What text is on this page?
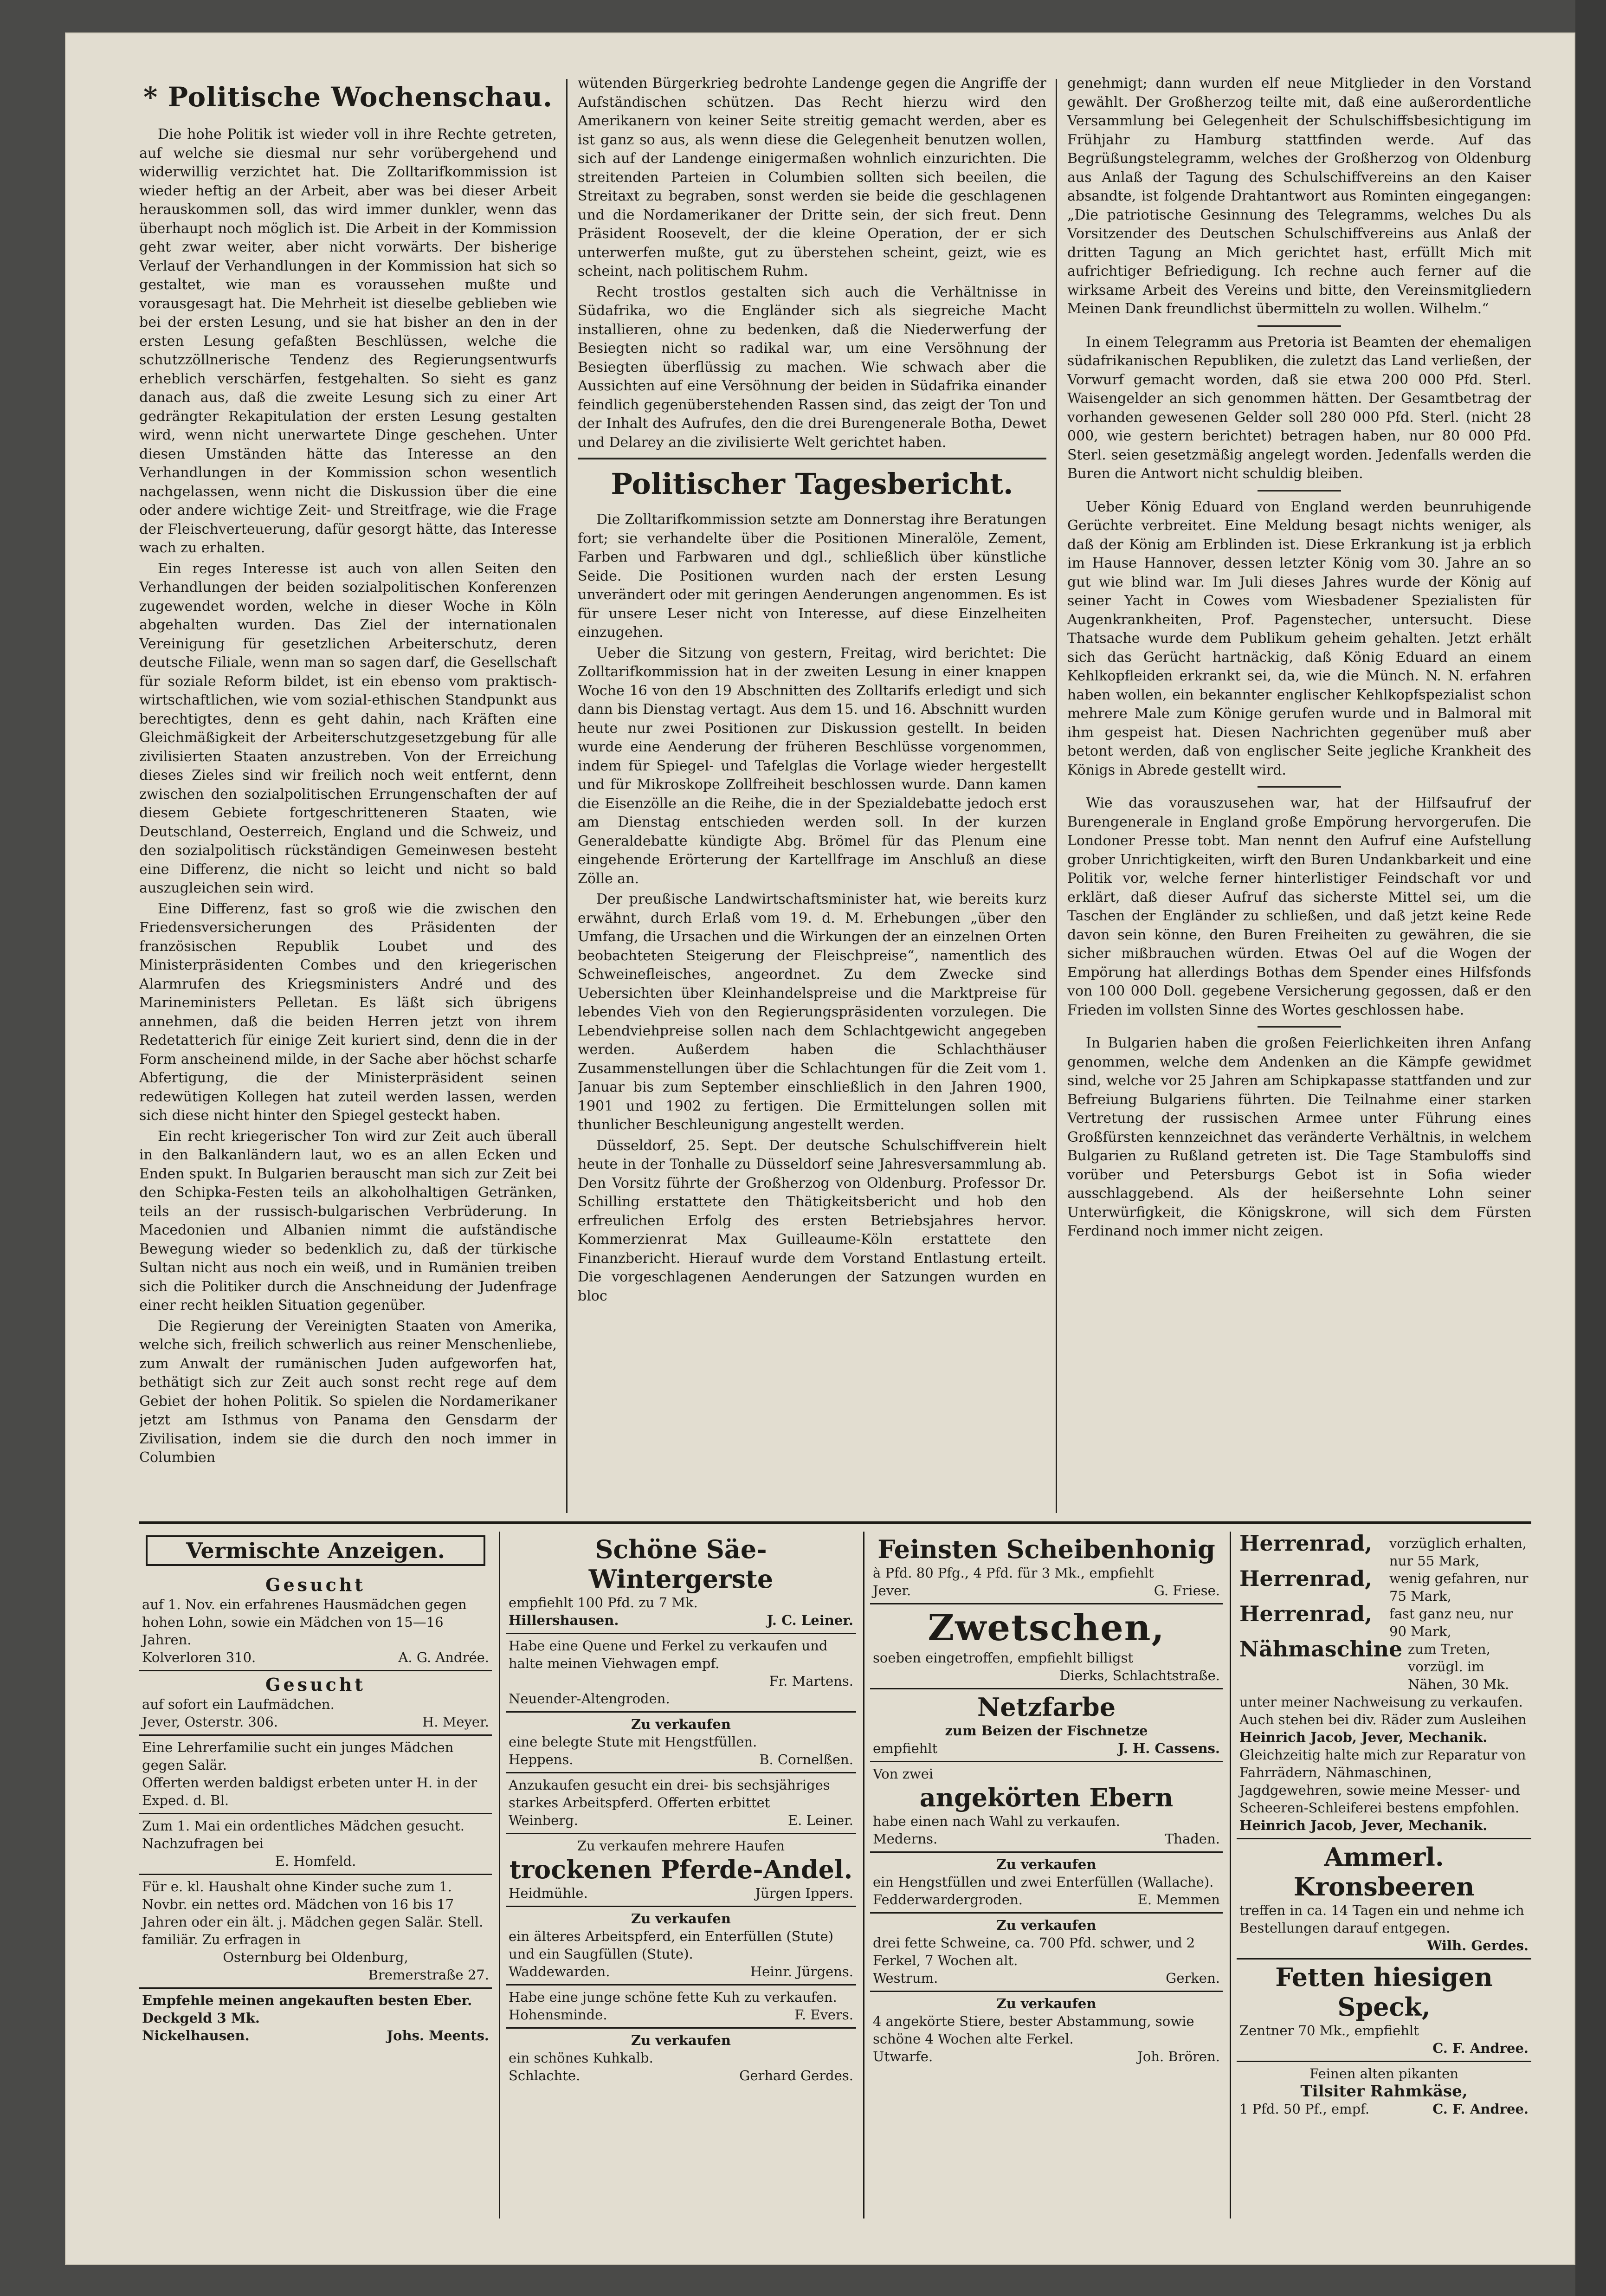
* Politische Wochenschau.

Die hohe Politik ist wieder voll in ihre Rechte getreten, auf welche sie diesmal nur sehr vorübergehend und widerwillig verzichtet hat. Die Zolltarifkommission ist wieder heftig an der Arbeit, aber was bei dieser Arbeit herauskommen soll, das wird immer dunkler, wenn das überhaupt noch möglich ist. Die Arbeit in der Kommission geht zwar weiter, aber nicht vorwärts. Der bisherige Verlauf der Verhandlungen in der Kommission hat sich so gestaltet, wie man es voraussehen mußte und vorausgesagt hat. Die Mehrheit ist dieselbe geblieben wie bei der ersten Lesung, und sie hat bisher an den in der ersten Lesung gefaßten Beschlüssen, welche die schutzzöllnerische Tendenz des Regierungsentwurfs erheblich verschärfen, festgehalten. So sieht es ganz danach aus, daß die zweite Lesung sich zu einer Art gedrängter Rekapitulation der ersten Lesung gestalten wird, wenn nicht unerwartete Dinge geschehen. Unter diesen Umständen hätte das Interesse an den Verhandlungen in der Kommission schon wesentlich nachgelassen, wenn nicht die Diskussion über die eine oder andere wichtige Zeit- und Streitfrage, wie die Frage der Fleischverteuerung, dafür gesorgt hätte, das Interesse wach zu erhalten.

Ein reges Interesse ist auch von allen Seiten den Verhandlungen der beiden sozialpolitischen Konferenzen zugewendet worden, welche in dieser Woche in Köln abgehalten wurden. Das Ziel der internationalen Vereinigung für gesetzlichen Arbeiterschutz, deren deutsche Filiale, wenn man so sagen darf, die Gesellschaft für soziale Reform bildet, ist ein ebenso vom praktisch-wirtschaftlichen, wie vom sozial-ethischen Standpunkt aus berechtigtes, denn es geht dahin, nach Kräften eine Gleichmäßigkeit der Arbeiterschutzgesetzgebung für alle zivilisierten Staaten anzustreben. Von der Erreichung dieses Zieles sind wir freilich noch weit entfernt, denn zwischen den sozialpolitischen Errungenschaften der auf diesem Gebiete fortgeschritteneren Staaten, wie Deutschland, Oesterreich, England und die Schweiz, und den sozialpolitisch rückständigen Gemeinwesen besteht eine Differenz, die nicht so leicht und nicht so bald auszugleichen sein wird.

Eine Differenz, fast so groß wie die zwischen den Friedensversicherungen des Präsidenten der französischen Republik Loubet und des Ministerpräsidenten Combes und den kriegerischen Alarmrufen des Kriegsministers André und des Marineministers Pelletan. Es läßt sich übrigens annehmen, daß die beiden Herren jetzt von ihrem Redetatterich für einige Zeit kuriert sind, denn die in der Form anscheinend milde, in der Sache aber höchst scharfe Abfertigung, die der Ministerpräsident seinen redewütigen Kollegen hat zuteil werden lassen, werden sich diese nicht hinter den Spiegel gesteckt haben.

Ein recht kriegerischer Ton wird zur Zeit auch überall in den Balkanländern laut, wo es an allen Ecken und Enden spukt. In Bulgarien berauscht man sich zur Zeit bei den Schipka-Festen teils an alkoholhaltigen Getränken, teils an der russisch-bulgarischen Verbrüderung. In Macedonien und Albanien nimmt die aufständische Bewegung wieder so bedenklich zu, daß der türkische Sultan nicht aus noch ein weiß, und in Rumänien treiben sich die Politiker durch die Anschneidung der Judenfrage einer recht heiklen Situation gegenüber.

Die Regierung der Vereinigten Staaten von Amerika, welche sich, freilich schwerlich aus reiner Menschenliebe, zum Anwalt der rumänischen Juden aufgeworfen hat, bethätigt sich zur Zeit auch sonst recht rege auf dem Gebiet der hohen Politik. So spielen die Nordamerikaner jetzt am Isthmus von Panama den Gensdarm der Zivilisation, indem sie die durch den noch immer in Columbien

wütenden Bürgerkrieg bedrohte Landenge gegen die Angriffe der Aufständischen schützen. Das Recht hierzu wird den Amerikanern von keiner Seite streitig gemacht werden, aber es ist ganz so aus, als wenn diese die Gelegenheit benutzen wollen, sich auf der Landenge einigermaßen wohnlich einzurichten. Die streitenden Parteien in Columbien sollten sich beeilen, die Streitaxt zu begraben, sonst werden sie beide die geschlagenen und die Nordamerikaner der Dritte sein, der sich freut. Denn Präsident Roosevelt, der die kleine Operation, der er sich unterwerfen mußte, gut zu überstehen scheint, geizt, wie es scheint, nach politischem Ruhm.

Recht trostlos gestalten sich auch die Verhältnisse in Südafrika, wo die Engländer sich als siegreiche Macht installieren, ohne zu bedenken, daß die Niederwerfung der Besiegten nicht so radikal war, um eine Versöhnung der Besiegten überflüssig zu machen. Wie schwach aber die Aussichten auf eine Versöhnung der beiden in Südafrika einander feindlich gegenüberstehenden Rassen sind, das zeigt der Ton und der Inhalt des Aufrufes, den die drei Burengenerale Botha, Dewet und Delarey an die zivilisierte Welt gerichtet haben.

Politischer Tagesbericht.

Die Zolltarifkommission setzte am Donnerstag ihre Beratungen fort; sie verhandelte über die Positionen Mineralöle, Zement, Farben und Farbwaren und dgl., schließlich über künstliche Seide. Die Positionen wurden nach der ersten Lesung unverändert oder mit geringen Aenderungen angenommen. Es ist für unsere Leser nicht von Interesse, auf diese Einzelheiten einzugehen.

Ueber die Sitzung von gestern, Freitag, wird berichtet: Die Zolltarifkommission hat in der zweiten Lesung in einer knappen Woche 16 von den 19 Abschnitten des Zolltarifs erledigt und sich dann bis Dienstag vertagt. Aus dem 15. und 16. Abschnitt wurden heute nur zwei Positionen zur Diskussion gestellt. In beiden wurde eine Aenderung der früheren Beschlüsse vorgenommen, indem für Spiegel- und Tafelglas die Vorlage wieder hergestellt und für Mikroskope Zollfreiheit beschlossen wurde. Dann kamen die Eisenzölle an die Reihe, die in der Spezialdebatte jedoch erst am Dienstag entschieden werden soll. In der kurzen Generaldebatte kündigte Abg. Brömel für das Plenum eine eingehende Erörterung der Kartellfrage im Anschluß an diese Zölle an.

Der preußische Landwirtschaftsminister hat, wie bereits kurz erwähnt, durch Erlaß vom 19. d. M. Erhebungen „über den Umfang, die Ursachen und die Wirkungen der an einzelnen Orten beobachteten Steigerung der Fleischpreise“, namentlich des Schweinefleisches, angeordnet. Zu dem Zwecke sind Uebersichten über Kleinhandelspreise und die Marktpreise für lebendes Vieh von den Regierungspräsidenten vorzulegen. Die Lebendviehpreise sollen nach dem Schlachtgewicht angegeben werden. Außerdem haben die Schlachthäuser Zusammenstellungen über die Schlachtungen für die Zeit vom 1. Januar bis zum September einschließlich in den Jahren 1900, 1901 und 1902 zu fertigen. Die Ermittelungen sollen mit thunlicher Beschleunigung angestellt werden.

Düsseldorf, 25. Sept. Der deutsche Schulschiffverein hielt heute in der Tonhalle zu Düsseldorf seine Jahresversammlung ab. Den Vorsitz führte der Großherzog von Oldenburg. Professor Dr. Schilling erstattete den Thätigkeitsbericht und hob den erfreulichen Erfolg des ersten Betriebsjahres hervor. Kommerzienrat Max Guilleaume-Köln erstattete den Finanzbericht. Hierauf wurde dem Vorstand Entlastung erteilt. Die vorgeschlagenen Aenderungen der Satzungen wurden en bloc

genehmigt; dann wurden elf neue Mitglieder in den Vorstand gewählt. Der Großherzog teilte mit, daß eine außerordentliche Versammlung bei Gelegenheit der Schulschiffsbesichtigung im Frühjahr zu Hamburg stattfinden werde. Auf das Begrüßungstelegramm, welches der Großherzog von Oldenburg aus Anlaß der Tagung des Schulschiffvereins an den Kaiser absandte, ist folgende Drahtantwort aus Rominten eingegangen: „Die patriotische Gesinnung des Telegramms, welches Du als Vorsitzender des Deutschen Schulschiffvereins aus Anlaß der dritten Tagung an Mich gerichtet hast, erfüllt Mich mit aufrichtiger Befriedigung. Ich rechne auch ferner auf die wirksame Arbeit des Vereins und bitte, den Vereinsmitgliedern Meinen Dank freundlichst übermitteln zu wollen. Wilhelm.“

In einem Telegramm aus Pretoria ist Beamten der ehemaligen südafrikanischen Republiken, die zuletzt das Land verließen, der Vorwurf gemacht worden, daß sie etwa 200 000 Pfd. Sterl. Waisengelder an sich genommen hätten. Der Gesamtbetrag der vorhanden gewesenen Gelder soll 280 000 Pfd. Sterl. (nicht 28 000, wie gestern berichtet) betragen haben, nur 80 000 Pfd. Sterl. seien gesetzmäßig angelegt worden. Jedenfalls werden die Buren die Antwort nicht schuldig bleiben.

Ueber König Eduard von England werden beunruhigende Gerüchte verbreitet. Eine Meldung besagt nichts weniger, als daß der König am Erblinden ist. Diese Erkrankung ist ja erblich im Hause Hannover, dessen letzter König vom 30. Jahre an so gut wie blind war. Im Juli dieses Jahres wurde der König auf seiner Yacht in Cowes vom Wiesbadener Spezialisten für Augenkrankheiten, Prof. Pagenstecher, untersucht. Diese Thatsache wurde dem Publikum geheim gehalten. Jetzt erhält sich das Gerücht hartnäckig, daß König Eduard an einem Kehlkopfleiden erkrankt sei, da, wie die Münch. N. N. erfahren haben wollen, ein bekannter englischer Kehlkopfspezialist schon mehrere Male zum Könige gerufen wurde und in Balmoral mit ihm gespeist hat. Diesen Nachrichten gegenüber muß aber betont werden, daß von englischer Seite jegliche Krankheit des Königs in Abrede gestellt wird.

Wie das vorauszusehen war, hat der Hilfsaufruf der Burengenerale in England große Empörung hervorgerufen. Die Londoner Presse tobt. Man nennt den Aufruf eine Aufstellung grober Unrichtigkeiten, wirft den Buren Undankbarkeit und eine Politik vor, welche ferner hinterlistiger Feindschaft vor und erklärt, daß dieser Aufruf das sicherste Mittel sei, um die Taschen der Engländer zu schließen, und daß jetzt keine Rede davon sein könne, den Buren Freiheiten zu gewähren, die sie sicher mißbrauchen würden. Etwas Oel auf die Wogen der Empörung hat allerdings Bothas dem Spender eines Hilfsfonds von 100 000 Doll. gegebene Versicherung gegossen, daß er den Frieden im vollsten Sinne des Wortes geschlossen habe.

In Bulgarien haben die großen Feierlichkeiten ihren Anfang genommen, welche dem Andenken an die Kämpfe gewidmet sind, welche vor 25 Jahren am Schipkapasse stattfanden und zur Befreiung Bulgariens führten. Die Teilnahme einer starken Vertretung der russischen Armee unter Führung eines Großfürsten kennzeichnet das veränderte Verhältnis, in welchem Bulgarien zu Rußland getreten ist. Die Tage Stambuloffs sind vorüber und Petersburgs Gebot ist in Sofia wieder ausschlaggebend. Als der heißersehnte Lohn seiner Unterwürfigkeit, die Königskrone, will sich dem Fürsten Ferdinand noch immer nicht zeigen.

Vermischte Anzeigen.
Gesucht
auf 1. Nov. ein erfahrenes Hausmädchen gegen hohen Lohn, sowie ein Mädchen von 15—16 Jahren.
Kolverloren 310.	A. G. Andrée.
Gesucht
auf sofort ein Laufmädchen.
Jever, Osterstr. 306.	H. Meyer.
Eine Lehrerfamilie sucht ein junges Mädchen gegen Salär.
Offerten werden baldigst erbeten unter H. in der Exped. d. Bl.
Zum 1. Mai ein ordentliches Mädchen gesucht. Nachzufragen bei
E. Homfeld.
Für e. kl. Haushalt ohne Kinder suche zum 1. Novbr. ein nettes ord. Mädchen von 16 bis 17 Jahren oder ein ält. j. Mädchen gegen Salär. Stell. familiär. Zu erfragen in
Osternburg bei Oldenburg,
Bremerstraße 27.
Empfehle meinen angekauften besten Eber. Deckgeld 3 Mk.
Nickelhausen.	Johs. Meents.
Schöne Säe-Wintergerste
empfiehlt 100 Pfd. zu 7 Mk.
Hillershausen.	J. C. Leiner.
Habe eine Quene und Ferkel zu verkaufen und halte meinen Viehwagen empf.
Fr. Martens.
Neuender-Altengroden.
Zu verkaufen
eine belegte Stute mit Hengstfüllen.
Heppens.	B. Cornelßen.
Anzukaufen gesucht ein drei- bis sechsjähriges starkes Arbeitspferd. Offerten erbittet
Weinberg.	E. Leiner.
Zu verkaufen mehrere Haufen
trockenen Pferde-Andel.
Heidmühle.	Jürgen Ippers.
Zu verkaufen
ein älteres Arbeitspferd, ein Enterfüllen (Stute) und ein Saugfüllen (Stute).
Waddewarden.	Heinr. Jürgens.
Habe eine junge schöne fette Kuh zu verkaufen.
Hohensminde.	F. Evers.
Zu verkaufen
ein schönes Kuhkalb.
Schlachte.	Gerhard Gerdes.
Feinsten Scheibenhonig
à Pfd. 80 Pfg., 4 Pfd. für 3 Mk., empfiehlt
Jever.	G. Friese.
Zwetschen,
soeben eingetroffen, empfiehlt billigst
Dierks, Schlachtstraße.
Netzfarbe
zum Beizen der Fischnetze
empfiehlt	J. H. Cassens.
Von zwei
angekörten Ebern
habe einen nach Wahl zu verkaufen.
Mederns.	Thaden.
Zu verkaufen
ein Hengstfüllen und zwei Enterfüllen (Wallache).
Fedderwardergroden.	E. Memmen
Zu verkaufen
drei fette Schweine, ca. 700 Pfd. schwer, und 2 Ferkel, 7 Wochen alt.
Westrum.	Gerken.
Zu verkaufen
4 angekörte Stiere, bester Abstammung, sowie schöne 4 Wochen alte Ferkel.
Utwarfe.	Joh. Brören.
Herrenrad, vorzüglich erhalten, nur 55 Mark,
Herrenrad, wenig gefahren, nur 75 Mark,
Herrenrad, fast ganz neu, nur 90 Mark,
Nähmaschine zum Treten, vorzügl. im Nähen, 30 Mk.
unter meiner Nachweisung zu verkaufen. Auch stehen bei div. Räder zum Ausleihen
Heinrich Jacob, Jever, Mechanik.
Gleichzeitig halte mich zur Reparatur von Fahrrädern, Nähmaschinen, Jagdgewehren, sowie meine Messer- und Scheeren-Schleiferei bestens empfohlen.
Heinrich Jacob, Jever, Mechanik.
Ammerl. Kronsbeeren
treffen in ca. 14 Tagen ein und nehme ich Bestellungen darauf entgegen.
Wilh. Gerdes.
Fetten hiesigen Speck,
Zentner 70 Mk., empfiehlt
C. F. Andree.
Feinen alten pikanten
Tilsiter Rahmkäse,
1 Pfd. 50 Pf., empf.	C. F. Andree.
